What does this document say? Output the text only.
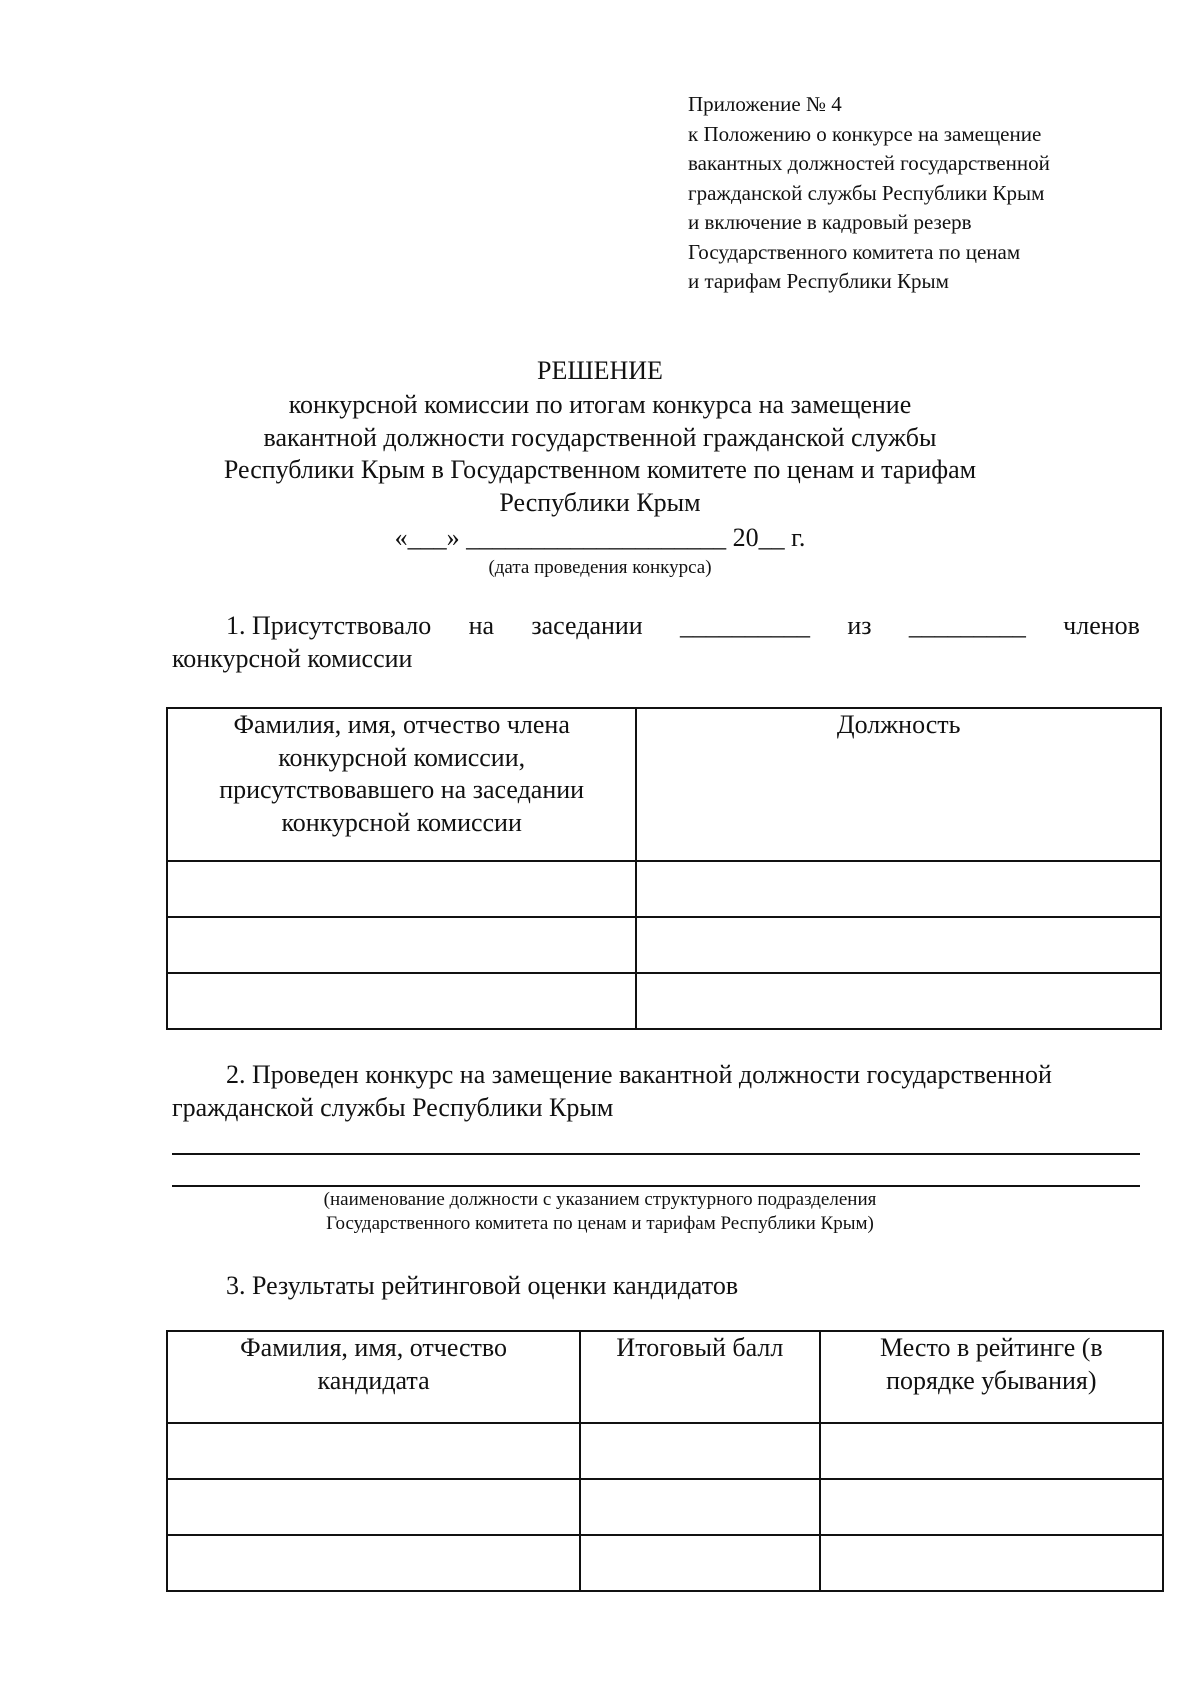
Приложение № 4
к Положению о конкурсе на замещение
вакантных должностей государственной
гражданской службы Республики Крым
и включение в кадровый резерв
Государственного комитета по ценам
и тарифам Республики Крым
РЕШЕНИЕ
конкурсной комиссии по итогам конкурса на замещение
вакантной должности государственной гражданской службы
Республики Крым в Государственном комитете по ценам и тарифам
Республики Крым
«___» ____________________ 20__ г.
(дата проведения конкурса)
1. Присутствовало на заседании __________ из _________ членов
конкурсной комиссии
Фамилия, имя, отчество члена конкурсной комиссии, присутствовавшего на заседании конкурсной комиссии	Должность

2. Проведен конкурс на замещение вакантной должности государственной
гражданской службы Республики Крым
(наименование должности с указанием структурного подразделения
Государственного комитета по ценам и тарифам Республики Крым)
3. Результаты рейтинговой оценки кандидатов
Фамилия, имя, отчество кандидата	Итоговый балл	Место в рейтинге (в порядке убывания)
